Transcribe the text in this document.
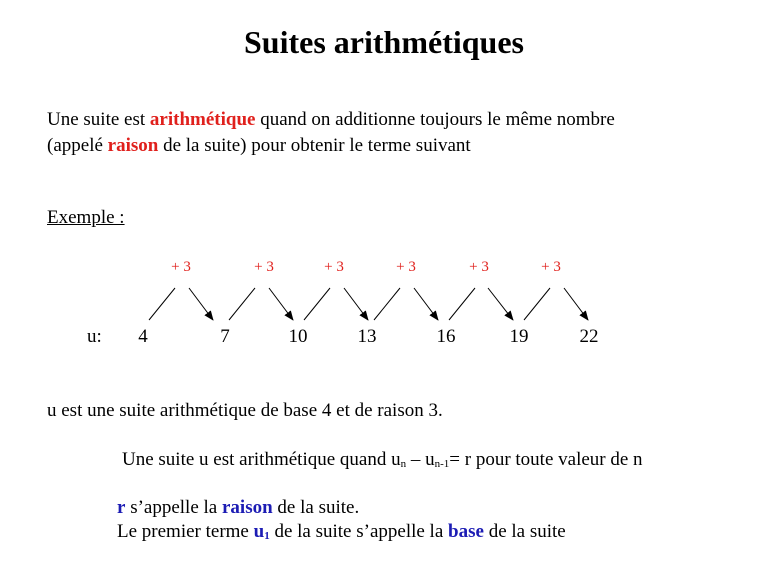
Suites arithmétiques
Une suite est arithmétique quand on additionne toujours le même nombre
(appelé raison de la suite) pour obtenir le terme suivant
Exemple :
u: 4	7	10	13	16	19	22
+ 3	+ 3	+ 3	+ 3	+ 3	+ 3
u est une suite arithmétique de base 4 et de raison 3.
Une suite u est arithmétique quand $u_n - u_{n-1}= r$ pour toute valeur de n
r s’appelle la raison de la suite.
Le premier terme $u_1$ de la suite s’appelle la base de la suite
